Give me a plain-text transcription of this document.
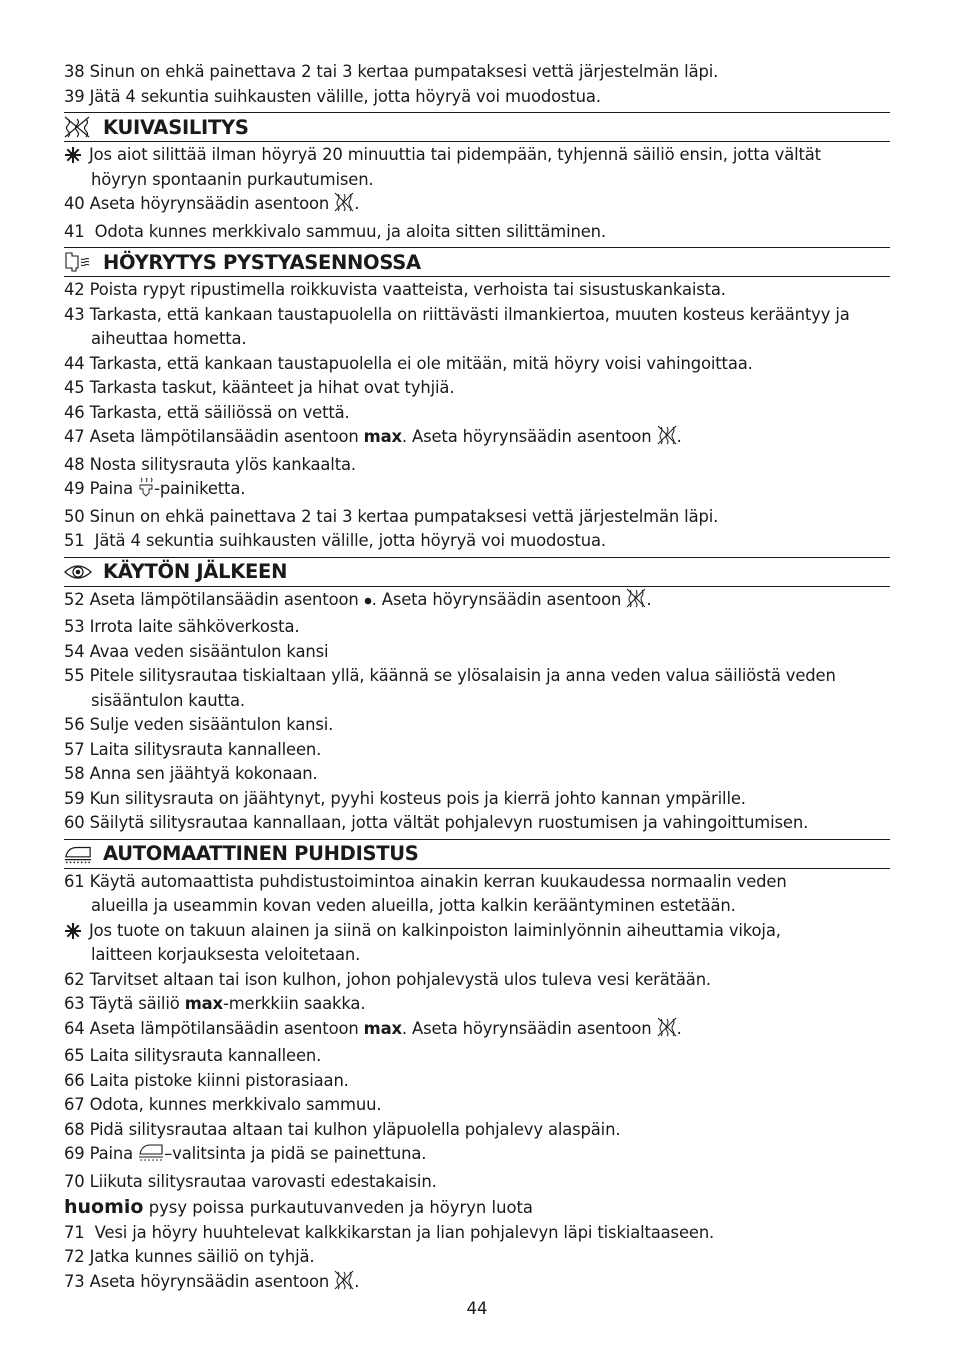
38
Sinun on ehkä painettava 2 tai 3 kertaa pumpataksesi vettä järjestelmän läpi.
39
Jätä 4 sekuntia suihkausten välille, jotta höyryä voi muodostua.
KUIVASILITYS
Jos aiot silittää ilman höyryä 20 minuuttia tai pidempään, tyhjennä säiliö ensin, jotta vältät
höyryn spontaanin purkautumisen.
40
Aseta höyrynsäädin asentoon
.
41
Odota kunnes merkkivalo sammuu, ja aloita sitten silittäminen.
HÖYRYTYS PYSTYASENNOSSA
42
Poista rypyt ripustimella roikkuvista vaatteista, verhoista tai sisustuskankaista.
43
Tarkasta, että kankaan taustapuolella on riittävästi ilmankiertoa, muuten kosteus kerääntyy ja
aiheuttaa hometta.
44
Tarkasta, että kankaan taustapuolella ei ole mitään, mitä höyry voisi vahingoittaa.
45
Tarkasta taskut, käänteet ja hihat ovat tyhjiä.
46
Tarkasta, että säiliössä on vettä.
47
Aseta lämpötilansäädin asentoon max . Aseta höyrynsäädin asentoon .
48
Nosta silitysrauta ylös kankaalta.
49
Paina -painiketta.
50
Sinun on ehkä painettava 2 tai 3 kertaa pumpataksesi vettä järjestelmän läpi.
51
Jätä 4 sekuntia suihkausten välille, jotta höyryä voi muodostua.
KÄYTÖN JÄLKEEN
52
Aseta lämpötilansäädin asentoon . Aseta höyrynsäädin asentoon .
53
Irrota laite sähköverkosta.
54
Avaa veden sisääntulon kansi
55
Pitele silitysrautaa tiskialtaan yllä, käännä se ylösalaisin ja anna veden valua säiliöstä veden
sisääntulon kautta.
56
Sulje veden sisääntulon kansi.
57
Laita silitysrauta kannalleen.
58
Anna sen jäähtyä kokonaan.
59
Kun silitysrauta on jäähtynyt, pyyhi kosteus pois ja kierrä johto kannan ympärille.
60
Säilytä silitysrautaa kannallaan, jotta vältät pohjalevyn ruostumisen ja vahingoittumisen.
AUTOMAATTINEN PUHDISTUS
61
Käytä automaattista puhdistustoimintoa ainakin kerran kuukaudessa normaalin veden
alueilla ja useammin kovan veden alueilla, jotta kalkin kerääntyminen estetään.
Jos tuote on takuun alainen ja siinä on kalkinpoiston laiminlyönnin aiheuttamia vikoja,
laitteen korjauksesta veloitetaan.
62
Tarvitset altaan tai ison kulhon, johon pohjalevystä ulos tuleva vesi kerätään.
63
Täytä säiliö max -merkkiin saakka.
64
Aseta lämpötilansäädin asentoon max . Aseta höyrynsäädin asentoon .
65
Laita silitysrauta kannalleen.
66
Laita pistoke kiinni pistorasiaan.
67
Odota, kunnes merkkivalo sammuu.
68
Pidä silitysrautaa altaan tai kulhon yläpuolella pohjalevy alaspäin.
69
Paina –valitsinta ja pidä se painettuna.
70
Liikuta silitysrautaa varovasti edestakaisin.
huomio pysy poissa purkautuvanveden ja höyryn luota
71
Vesi ja höyry huuhtelevat kalkkikarstan ja lian pohjalevyn läpi tiskialtaaseen.
72
Jatka kunnes säiliö on tyhjä.
73
Aseta höyrynsäädin asentoon
.
44
